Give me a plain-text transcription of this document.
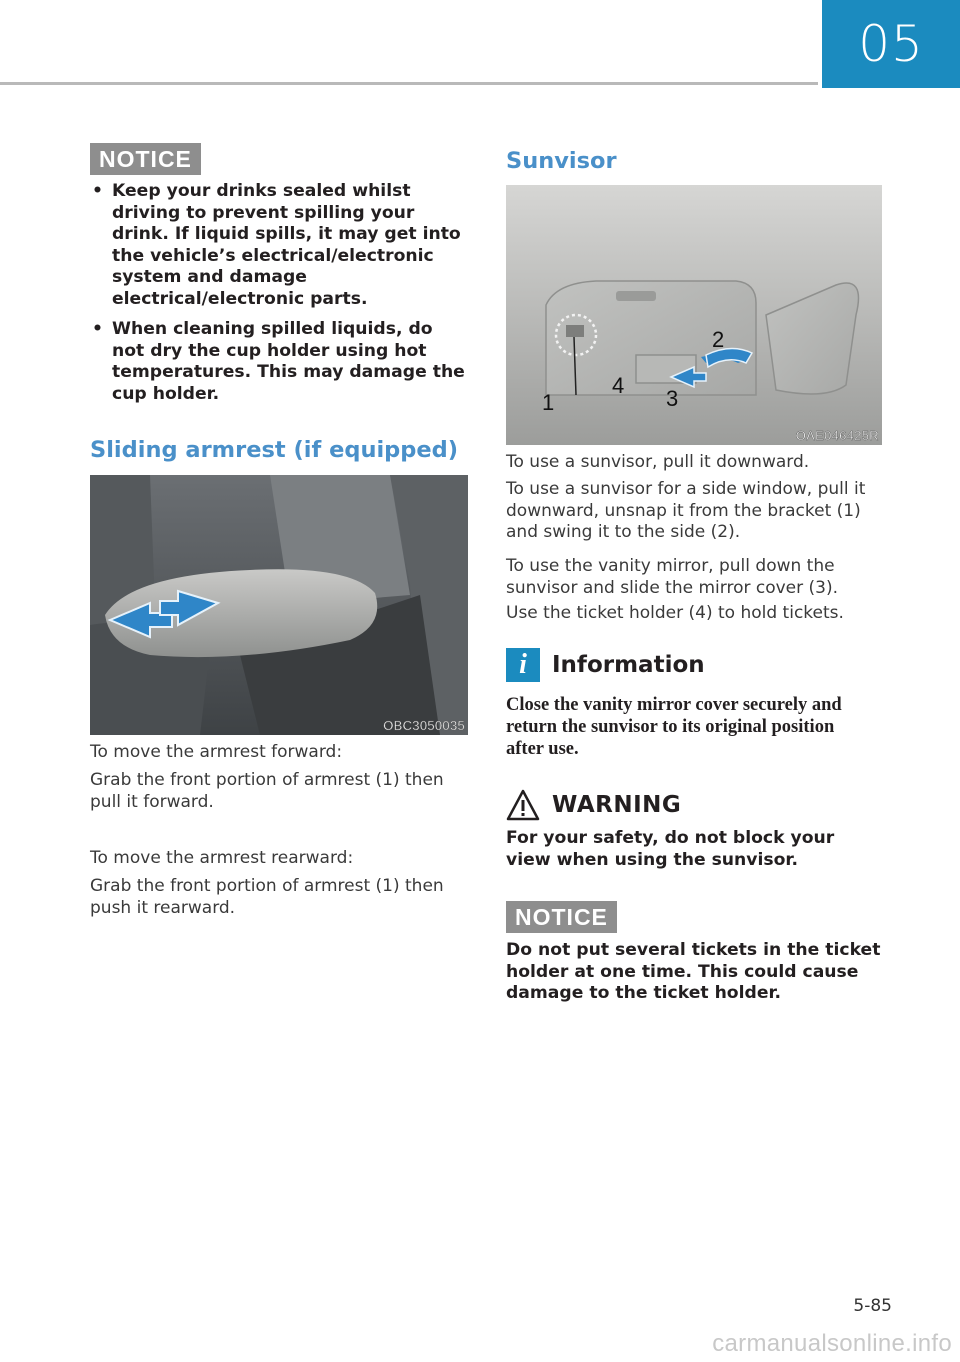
05
NOTICE
• Keep your drinks sealed whilst driving to prevent spilling your drink. If liquid spills, it may get into the vehicle’s electrical/electronic system and damage electrical/electronic parts.
• When cleaning spilled liquids, do not dry the cup holder using hot temperatures. This may damage the cup holder.
Sliding armrest (if equipped)
OBC3050035
To move the armrest forward:
Grab the front portion of armrest (1) then pull it forward.
To move the armrest rearward:
Grab the front portion of armrest (1) then push it rearward.
Sunvisor
1
2
3
4
OAE046425R
To use a sunvisor, pull it downward.
To use a sunvisor for a side window, pull it downward, unsnap it from the bracket (1) and swing it to the side (2).
To use the vanity mirror, pull down the sunvisor and slide the mirror cover (3).
Use the ticket holder (4) to hold tickets.
i	Information
Close the vanity mirror cover securely and return the sunvisor to its original position after use.
WARNING
For your safety, do not block your view when using the sunvisor.
NOTICE
Do not put several tickets in the ticket holder at one time. This could cause damage to the ticket holder.
5-85
carmanualsonline.info
